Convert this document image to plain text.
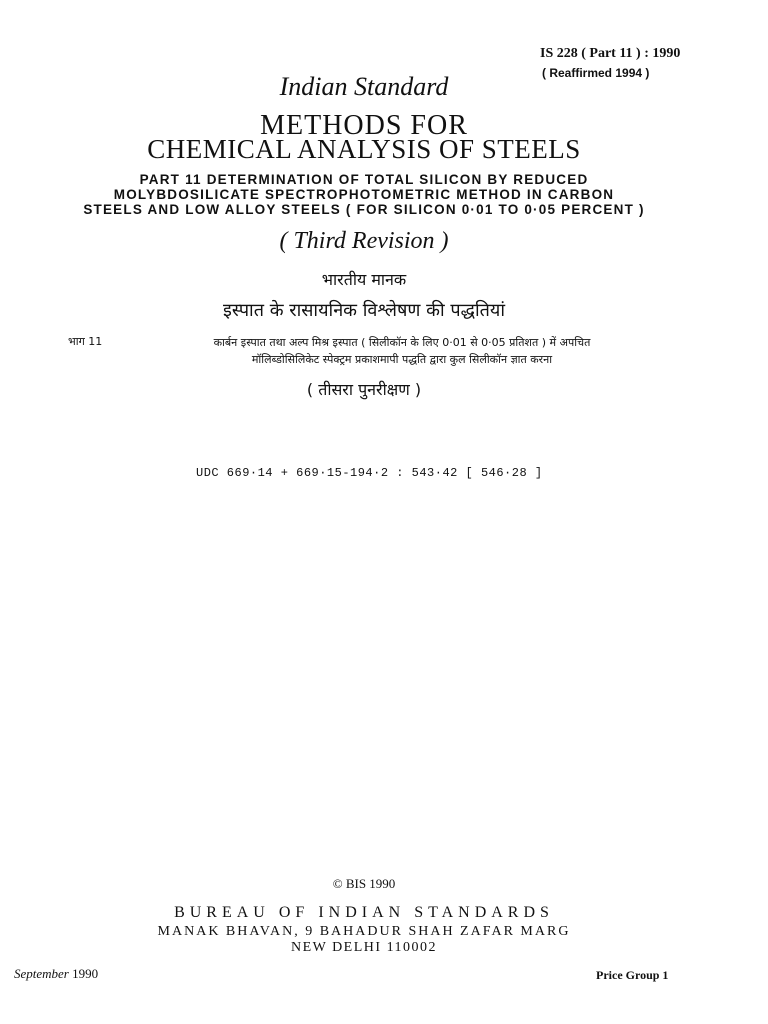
IS 228 ( Part 11 ) : 1990
( Reaffirmed 1994 )
Indian Standard
METHODS FOR
CHEMICAL ANALYSIS OF STEELS
PART 11 DETERMINATION OF TOTAL SILICON BY REDUCED
MOLYBDOSILICATE SPECTROPHOTOMETRIC METHOD IN CARBON
STEELS AND LOW ALLOY STEELS ( FOR SILICON 0·01 TO 0·05 PERCENT )
( Third Revision )
भारतीय मानक
इस्पात के रासायनिक विश्लेषण की पद्धतियां
भाग 11	कार्बन इस्पात तथा अल्प मिश्र इस्पात ( सिलीकॉन के लिए 0·01 से 0·05 प्रतिशत ) में अपचित
मॉलिब्डोसिलिकेट स्पेक्ट्रम प्रकाशमापी पद्धति द्वारा कुल सिलीकॉन ज्ञात करना
( तीसरा पुनरीक्षण )
UDC 669·14 + 669·15-194·2 : 543·42 [ 546·28 ]
© BIS 1990
BUREAU OF INDIAN STANDARDS
MANAK BHAVAN, 9 BAHADUR SHAH ZAFAR MARG
NEW DELHI 110002
September 1990	Price Group 1
